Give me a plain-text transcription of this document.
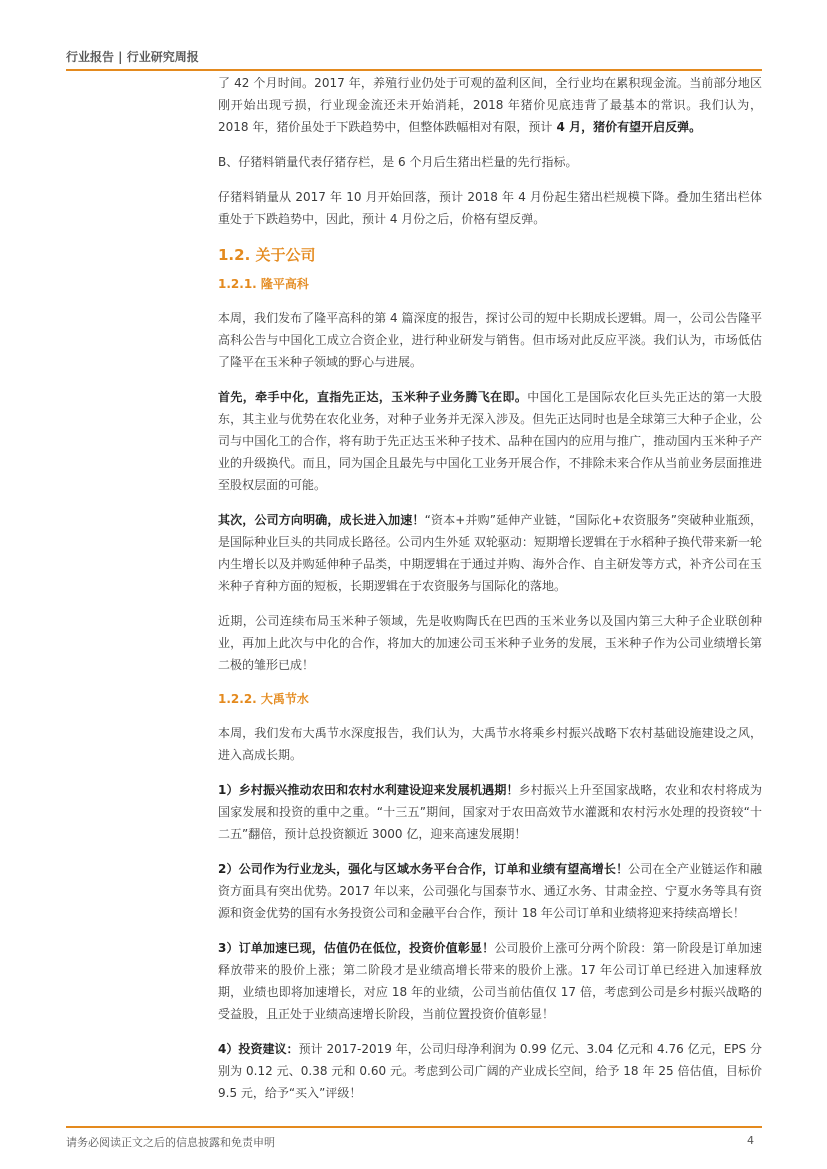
行业报告 | 行业研究周报

了 42 个月时间。2017 年，养殖行业仍处于可观的盈利区间，全行业均在累积现金流。当前部分地区刚开始出现亏损，行业现金流还未开始消耗，2018 年猪价见底违背了最基本的常识。我们认为，2018 年，猪价虽处于下跌趋势中，但整体跌幅相对有限，预计 4 月，猪价有望开启反弹。

B、仔猪料销量代表仔猪存栏，是 6 个月后生猪出栏量的先行指标。

仔猪料销量从 2017 年 10 月开始回落，预计 2018 年 4 月份起生猪出栏规模下降。叠加生猪出栏体重处于下跌趋势中，因此，预计 4 月份之后，价格有望反弹。

1.2. 关于公司
1.2.1. 隆平高科

本周，我们发布了隆平高科的第 4 篇深度的报告，探讨公司的短中长期成长逻辑。周一，公司公告隆平高科公告与中国化工成立合资企业，进行种业研发与销售。但市场对此反应平淡。我们认为，市场低估了隆平在玉米种子领域的野心与进展。

首先，牵手中化，直指先正达，玉米种子业务腾飞在即。中国化工是国际农化巨头先正达的第一大股东，其主业与优势在农化业务，对种子业务并无深入涉及。但先正达同时也是全球第三大种子企业，公司与中国化工的合作，将有助于先正达玉米种子技术、品种在国内的应用与推广，推动国内玉米种子产业的升级换代。而且，同为国企且最先与中国化工业务开展合作，不排除未来合作从当前业务层面推进至股权层面的可能。

其次，公司方向明确，成长进入加速！“资本+并购”延伸产业链，“国际化+农资服务”突破种业瓶颈，是国际种业巨头的共同成长路径。公司内生外延 双轮驱动：短期增长逻辑在于水稻种子换代带来新一轮内生增长以及并购延伸种子品类，中期逻辑在于通过并购、海外合作、自主研发等方式，补齐公司在玉米种子育种方面的短板，长期逻辑在于农资服务与国际化的落地。

近期，公司连续布局玉米种子领域，先是收购陶氏在巴西的玉米业务以及国内第三大种子企业联创种业，再加上此次与中化的合作，将加大的加速公司玉米种子业务的发展，玉米种子作为公司业绩增长第二极的雏形已成！

1.2.2. 大禹节水

本周，我们发布大禹节水深度报告，我们认为，大禹节水将乘乡村振兴战略下农村基础设施建设之风，进入高成长期。

1）乡村振兴推动农田和农村水利建设迎来发展机遇期！乡村振兴上升至国家战略，农业和农村将成为国家发展和投资的重中之重。“十三五”期间，国家对于农田高效节水灌溉和农村污水处理的投资较“十二五”翻倍，预计总投资额近 3000 亿，迎来高速发展期！

2）公司作为行业龙头，强化与区域水务平台合作，订单和业绩有望高增长！公司在全产业链运作和融资方面具有突出优势。2017 年以来，公司强化与国泰节水、通辽水务、甘肃金控、宁夏水务等具有资源和资金优势的国有水务投资公司和金融平台合作，预计 18 年公司订单和业绩将迎来持续高增长！

3）订单加速已现，估值仍在低位，投资价值彰显！公司股价上涨可分两个阶段：第一阶段是订单加速释放带来的股价上涨；第二阶段才是业绩高增长带来的股价上涨。17 年公司订单已经进入加速释放期，业绩也即将加速增长，对应 18 年的业绩，公司当前估值仅 17 倍，考虑到公司是乡村振兴战略的受益股，且正处于业绩高速增长阶段，当前位置投资价值彰显！

4）投资建议：预计 2017-2019 年，公司归母净利润为 0.99 亿元、3.04 亿元和 4.76 亿元，EPS 分别为 0.12 元、0.38 元和 0.60 元。考虑到公司广阔的产业成长空间，给予 18 年 25 倍估值，目标价 9.5 元，给予“买入”评级！

请务必阅读正文之后的信息披露和免责申明	4
